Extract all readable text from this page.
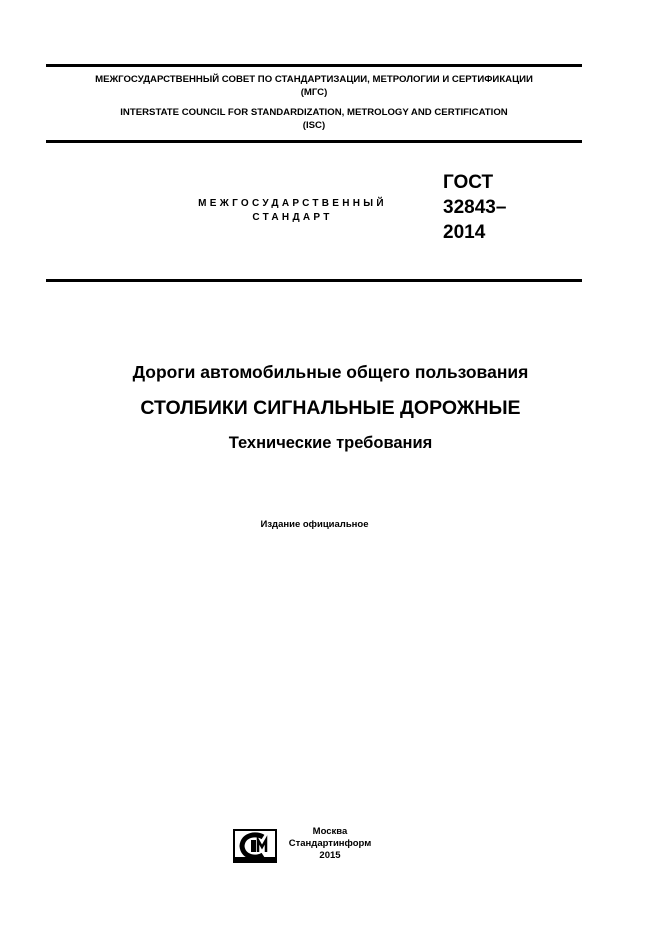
МЕЖГОСУДАРСТВЕННЫЙ СОВЕТ ПО СТАНДАРТИЗАЦИИ, МЕТРОЛОГИИ И СЕРТИФИКАЦИИ
(МГС)
INTERSTATE COUNCIL FOR STANDARDIZATION, METROLOGY AND CERTIFICATION
(ISC)
МЕЖГОСУДАРСТВЕННЫЙ
СТАНДАРТ
ГОСТ
32843–
2014
Дороги автомобильные общего пользования
СТОЛБИКИ СИГНАЛЬНЫЕ ДОРОЖНЫЕ
Технические требования
Издание официальное
Москва
Стандартинформ
2015
